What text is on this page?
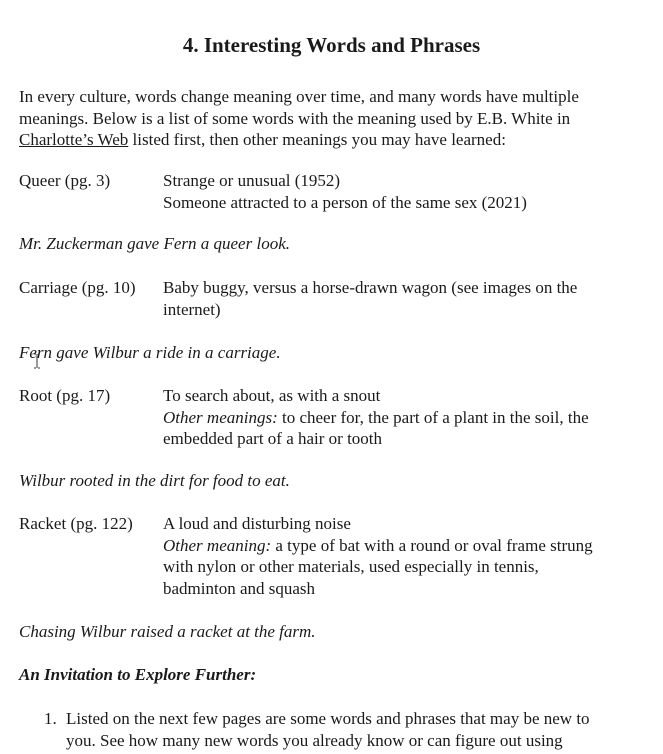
4. Interesting Words and Phrases
In every culture, words change meaning over time, and many words have multiple
meanings. Below is a list of some words with the meaning used by E.B. White in
Charlotte’s Web listed first, then other meanings you may have learned:
Queer (pg. 3)	Strange or unusual (1952)
Someone attracted to a person of the same sex (2021)
Mr. Zuckerman gave Fern a queer look.
Carriage (pg. 10)	Baby buggy, versus a horse-drawn wagon (see images on the
internet)
Fern gave Wilbur a ride in a carriage.
Root (pg. 17)	To search about, as with a snout
Other meanings: to cheer for, the part of a plant in the soil, the
embedded part of a hair or tooth
Wilbur rooted in the dirt for food to eat.
Racket (pg. 122)	A loud and disturbing noise
Other meaning: a type of bat with a round or oval frame strung
with nylon or other materials, used especially in tennis,
badminton and squash
Chasing Wilbur raised a racket at the farm.
An Invitation to Explore Further:
1. Listed on the next few pages are some words and phrases that may be new to
you. See how many new words you already know or can figure out using
